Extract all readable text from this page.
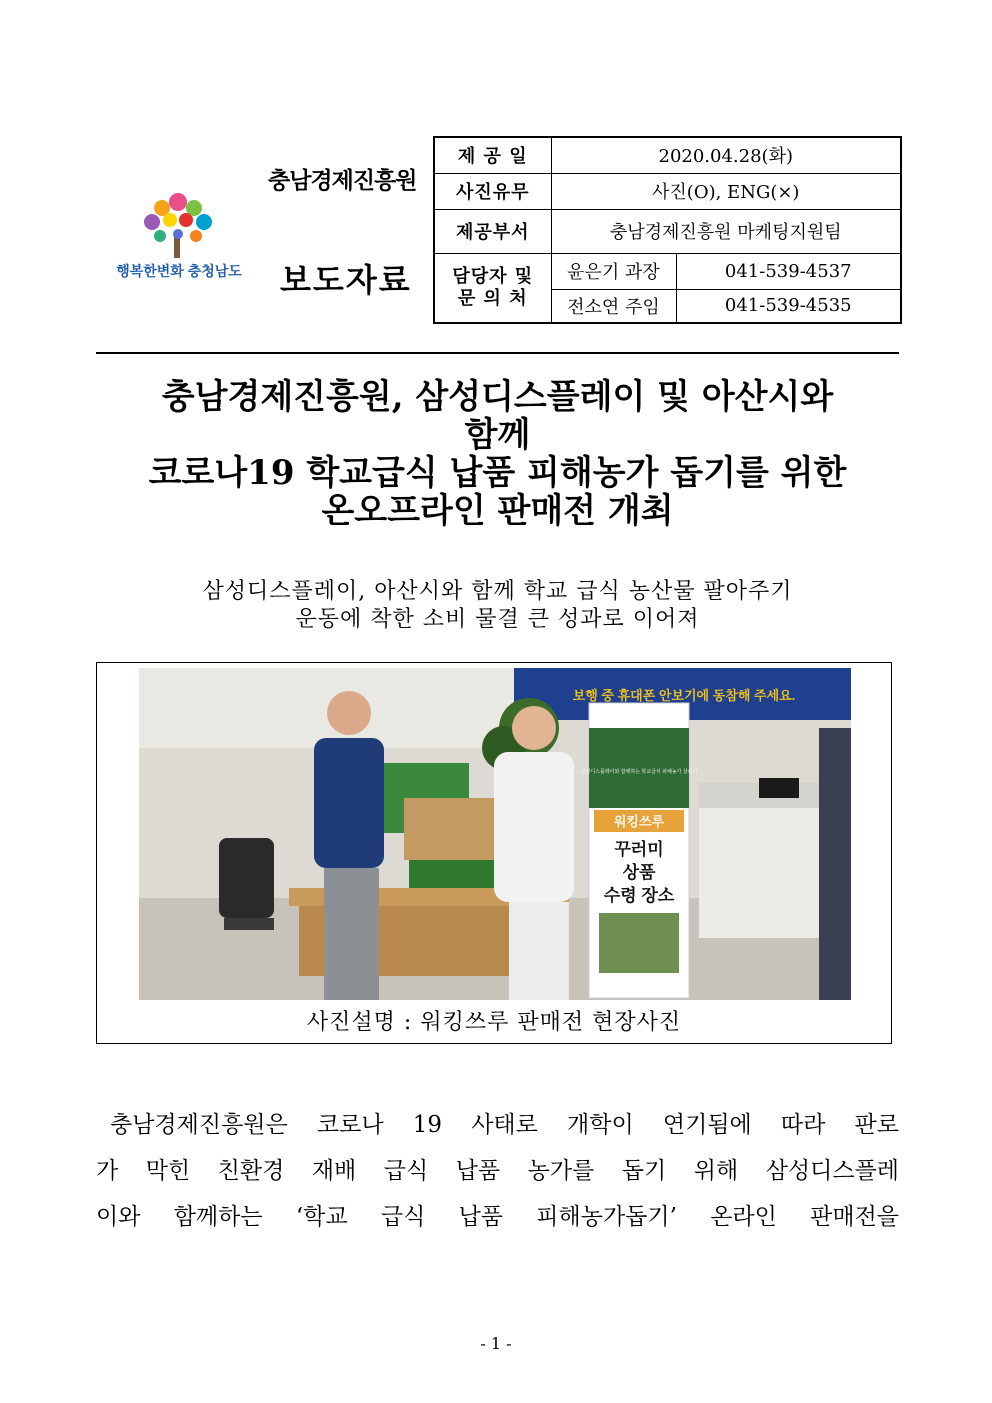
행복한변화 충청남도
충남경제진흥원
보도자료
제 공 일	2020.04.28(화)	
사진유무	사진(O), ENG(×)	
제공부서	충남경제진흥원 마케팅지원팀	

담당자 및
문 의 처	윤은기 과장	041-539-4537
	전소연 주임	041-539-4535
충남경제진흥원, 삼성디스플레이 및 아산시와
함께
코로나19 학교급식 납품 피해농가 돕기를 위한
온오프라인 판매전 개최
삼성디스플레이, 아산시와 함께 학교 급식 농산물 팔아주기
운동에 착한 소비 물결 큰 성과로 이어져
보행 중 휴대폰 안보기에 동참해 주세요.
삼성디스플레이와 함께하는 학교급식 피해농가 살리기
워킹쓰루
꾸러미
상품
수령 장소
사진설명 : 워킹쓰루 판매전 현장사진
충남경제진흥원은 코로나 19 사태로 개학이 연기됨에 따라 판로
가 막힌 친환경 재배 급식 납품 농가를 돕기 위해 삼성디스플레
이와 함께하는 ‘학교 급식 납품 피해농가돕기’ 온라인 판매전을
- 1 -
